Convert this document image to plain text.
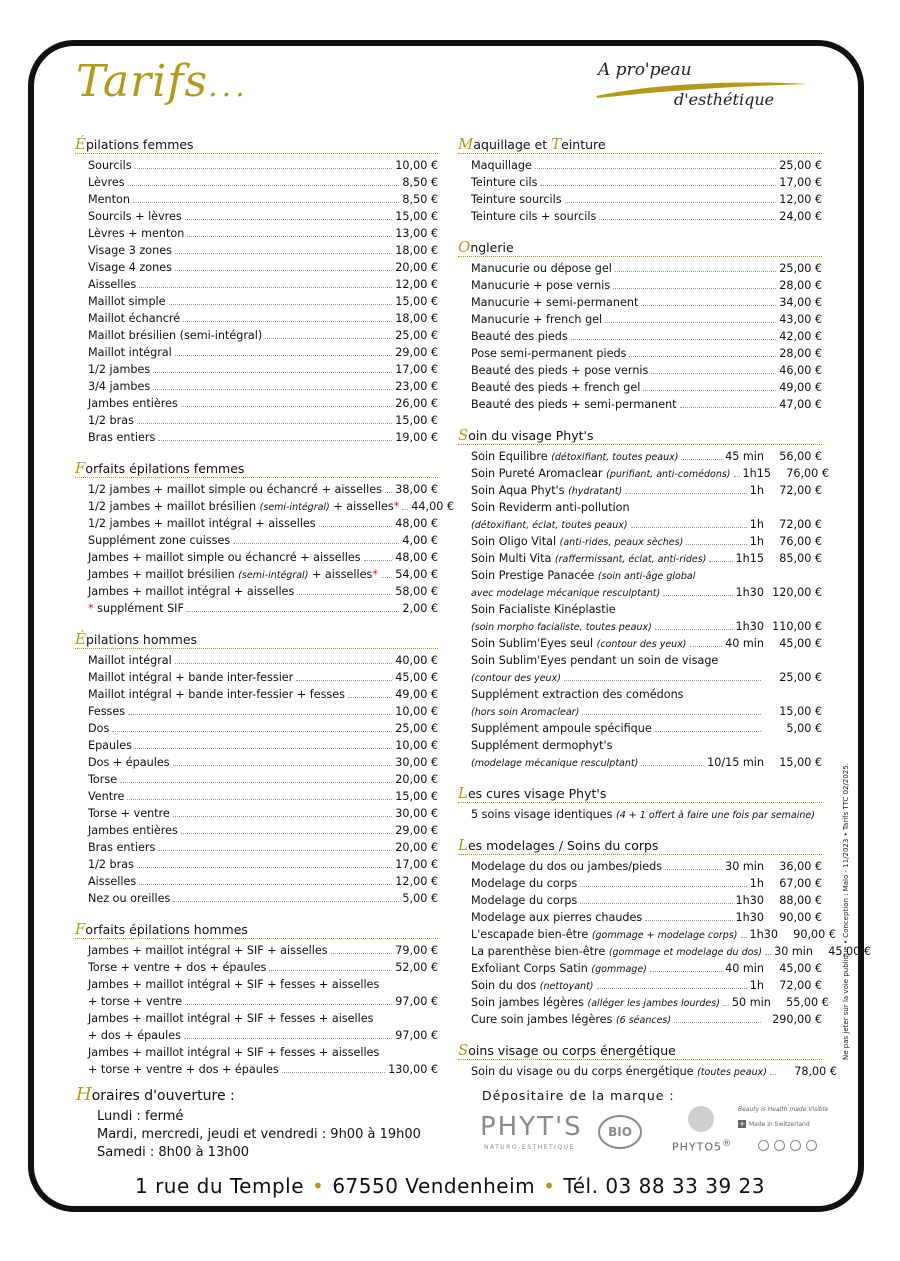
Tarifs...	A pro'peau
d'esthétique
Épilations femmes
Sourcils	10,00 €
Lèvres	8,50 €
Menton	8,50 €
Sourcils + lèvres	15,00 €
Lèvres + menton	13,00 €
Visage 3 zones	18,00 €
Visage 4 zones	20,00 €
Aisselles	12,00 €
Maillot simple	15,00 €
Maillot échancré	18,00 €
Maillot brésilien (semi-intégral)	25,00 €
Maillot intégral	29,00 €
1/2 jambes	17,00 €
3/4 jambes	23,00 €
Jambes entières	26,00 €
1/2 bras	15,00 €
Bras entiers	19,00 €
Forfaits épilations femmes
1/2 jambes + maillot simple ou échancré + aisselles 38,00 €
1/2 jambes + maillot brésilien (semi-intégral) + aisselles* 44,00 €
1/2 jambes + maillot intégral + aisselles	48,00 €
Supplément zone cuisses	4,00 €
Jambes + maillot simple ou échancré + aisselles	48,00 €
Jambes + maillot brésilien (semi-intégral) + aisselles* 54,00 €
Jambes + maillot intégral + aisselles	58,00 €
* supplément SIF	2,00 €
Épilations hommes
Maillot intégral	40,00 €
Maillot intégral + bande inter-fessier	45,00 €
Maillot intégral + bande inter-fessier + fesses	49,00 €
Fesses	10,00 €
Dos	25,00 €
Epaules	10,00 €
Dos + épaules	30,00 €
Torse	20,00 €
Ventre	15,00 €
Torse + ventre	30,00 €
Jambes entières	29,00 €
Bras entiers	20,00 €
1/2 bras	17,00 €
Aisselles	12,00 €
Nez ou oreilles	5,00 €
Forfaits épilations hommes
Jambes + maillot intégral + SIF + aisselles	79,00 €
Torse + ventre + dos + épaules	52,00 €
Jambes + maillot intégral + SIF + fesses + aisselles
+ torse + ventre	97,00 €
Jambes + maillot intégral + SIF + fesses + aiselles
+ dos + épaules	97,00 €
Jambes + maillot intégral + SIF + fesses + aisselles
+ torse + ventre + dos + épaules	130,00 €
Maquillage et Teinture
Maquillage	25,00 €
Teinture cils	17,00 €
Teinture sourcils	12,00 €
Teinture cils + sourcils	24,00 €
Onglerie
Manucurie ou dépose gel	25,00 €
Manucurie + pose vernis	28,00 €
Manucurie + semi-permanent	34,00 €
Manucurie + french gel	43,00 €
Beauté des pieds	42,00 €
Pose semi-permanent pieds	28,00 €
Beauté des pieds + pose vernis	46,00 €
Beauté des pieds + french gel	49,00 €
Beauté des pieds + semi-permanent	47,00 €
Soin du visage Phyt's
Soin Equilibre (détoxifiant, toutes peaux)	45 min	56,00 €
Soin Pureté Aromaclear (purifiant, anti-comédons) 1h15	76,00 €
Soin Aqua Phyt's (hydratant)	1h	72,00 €
Soin Reviderm anti-pollution
(détoxifiant, éclat, toutes peaux)	1h	72,00 €
Soin Oligo Vital (anti-rides, peaux sèches)	1h	76,00 €
Soin Multi Vita (raffermissant, éclat, anti-rides)	1h15	85,00 €
Soin Prestige Panacée (soin anti-âge global
avec modelage mécanique resculptant)	1h30 120,00 €
Soin Facialiste Kinéplastie
(soin morpho facialiste, toutes peaux)	1h30 110,00 €
Soin Sublim'Eyes seul (contour des yeux)	40 min	45,00 €
Soin Sublim'Eyes pendant un soin de visage
(contour des yeux)	25,00 €
Supplément extraction des comédons
(hors soin Aromaclear)	15,00 €
Supplément ampoule spécifique	5,00 €
Supplément dermophyt's
(modelage mécanique resculptant)	10/15 min	15,00 €
Les cures visage Phyt's
5 soins visage identiques (4 + 1 offert à faire une fois par semaine)
Les modelages / Soins du corps
Modelage du dos ou jambes/pieds	30 min	36,00 €
Modelage du corps	1h	67,00 €
Modelage du corps	1h30	88,00 €
Modelage aux pierres chaudes	1h30	90,00 €
L'escapade bien-être (gommage + modelage corps) 1h30	90,00 €
La parenthèse bien-être (gommage et modelage du dos) 30 min	45,00 €
Exfoliant Corps Satin (gommage)	40 min	45,00 €
Soin du dos (nettoyant)	1h	72,00 €
Soin jambes légères (alléger les jambes lourdes) 50 min	55,00 €
Cure soin jambes légères (6 séances)	290,00 €
Soins visage ou corps énergétique
Soin du visage ou du corps énergétique (toutes peaux)	78,00 €
Horaires d'ouverture :
Lundi : fermé
Mardi, mercredi, jeudi et vendredi : 9h00 à 19h00
Samedi : 8h00 à 13h00
Dépositaire de la marque :
PHYT'S
NATURO-ESTHETIQUE
BIO
PHYTO5®
Beauty is Health made Visible
+ Made in Switzerland
1 rue du Temple • 67550 Vendenheim • Tél. 03 88 33 39 23
Ne pas jeter sur la voie publique • Conception : Malo - 11/2023 • Tarifs TTC 02/2025.
